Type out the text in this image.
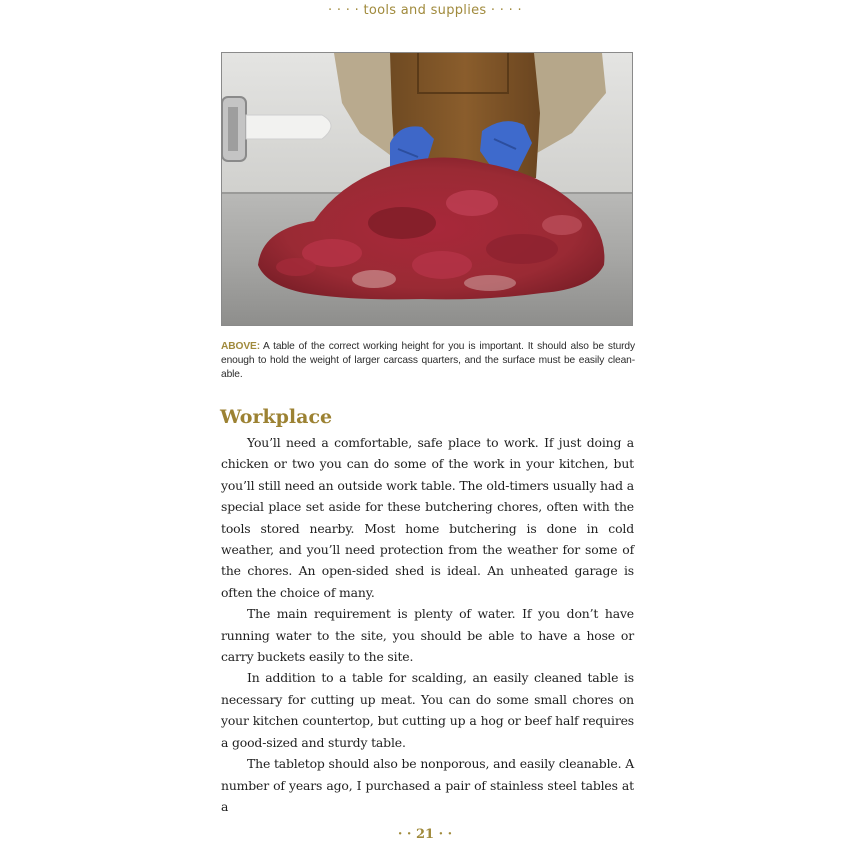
· · · · tools and supplies · · · ·
ABOVE: A table of the correct working height for you is important. It should also be sturdy enough to hold the weight of larger carcass quarters, and the surface must be easily clean-able.
Workplace

You’ll need a comfortable, safe place to work. If just doing a chicken or two you can do some of the work in your kitchen, but you’ll still need an outside work table. The old-timers usually had a special place set aside for these butchering chores, often with the tools stored nearby. Most home butchering is done in cold weather, and you’ll need protection from the weather for some of the chores. An open-sided shed is ideal. An unheated garage is often the choice of many.

The main requirement is plenty of water. If you don’t have running water to the site, you should be able to have a hose or carry buckets easily to the site.

In addition to a table for scalding, an easily cleaned table is necessary for cutting up meat. You can do some small chores on your kitchen countertop, but cutting up a hog or beef half requires a good-sized and sturdy table.

The tabletop should also be nonporous, and easily cleanable. A number of years ago, I purchased a pair of stainless steel tables at a

· · 21 · ·
